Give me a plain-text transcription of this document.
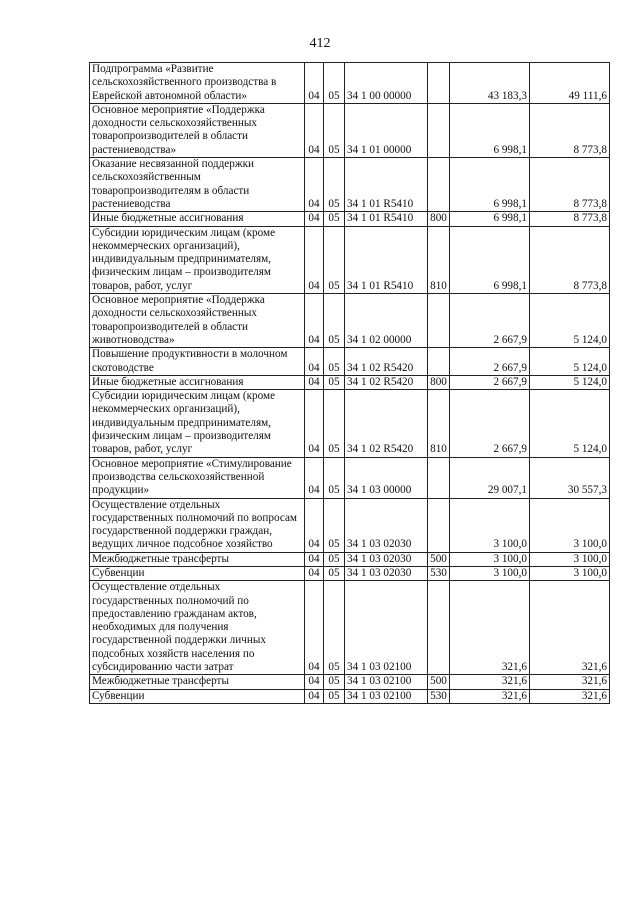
412
Подпрограмма «Развитие сельскохозяйственного производства в Еврейской автономной области»	04	05	34 1 00 00000		43 183,3	49 111,6
Основное мероприятие «Поддержка доходности сельскохозяйственных товаропроизводителей в области растениеводства»	04	05	34 1 01 00000		6 998,1	8 773,8
Оказание несвязанной поддержки сельскохозяйственным товаропроизводителям в области растениеводства	04	05	34 1 01 R5410		6 998,1	8 773,8
Иные бюджетные ассигнования	04	05	34 1 01 R5410	800	6 998,1	8 773,8
Субсидии юридическим лицам (кроме некоммерческих организаций), индивидуальным предпринимателям, физическим лицам – производителям товаров, работ, услуг	04	05	34 1 01 R5410	810	6 998,1	8 773,8
Основное мероприятие «Поддержка доходности сельскохозяйственных товаропроизводителей в области животноводства»	04	05	34 1 02 00000		2 667,9	5 124,0
Повышение продуктивности в молочном скотоводстве	04	05	34 1 02 R5420		2 667,9	5 124,0
Иные бюджетные ассигнования	04	05	34 1 02 R5420	800	2 667,9	5 124,0
Субсидии юридическим лицам (кроме некоммерческих организаций), индивидуальным предпринимателям, физическим лицам – производителям товаров, работ, услуг	04	05	34 1 02 R5420	810	2 667,9	5 124,0
Основное мероприятие «Стимулирование производства сельскохозяйственной продукции»	04	05	34 1 03 00000		29 007,1	30 557,3
Осуществление отдельных государственных полномочий по вопросам государственной поддержки граждан, ведущих личное подсобное хозяйство	04	05	34 1 03 02030		3 100,0	3 100,0
Межбюджетные трансферты	04	05	34 1 03 02030	500	3 100,0	3 100,0
Субвенции	04	05	34 1 03 02030	530	3 100,0	3 100,0
Осуществление отдельных государственных полномочий по предоставлению гражданам актов, необходимых для получения государственной поддержки личных подсобных хозяйств населения по субсидированию части затрат	04	05	34 1 03 02100		321,6	321,6
Межбюджетные трансферты	04	05	34 1 03 02100	500	321,6	321,6
Субвенции	04	05	34 1 03 02100	530	321,6	321,6
